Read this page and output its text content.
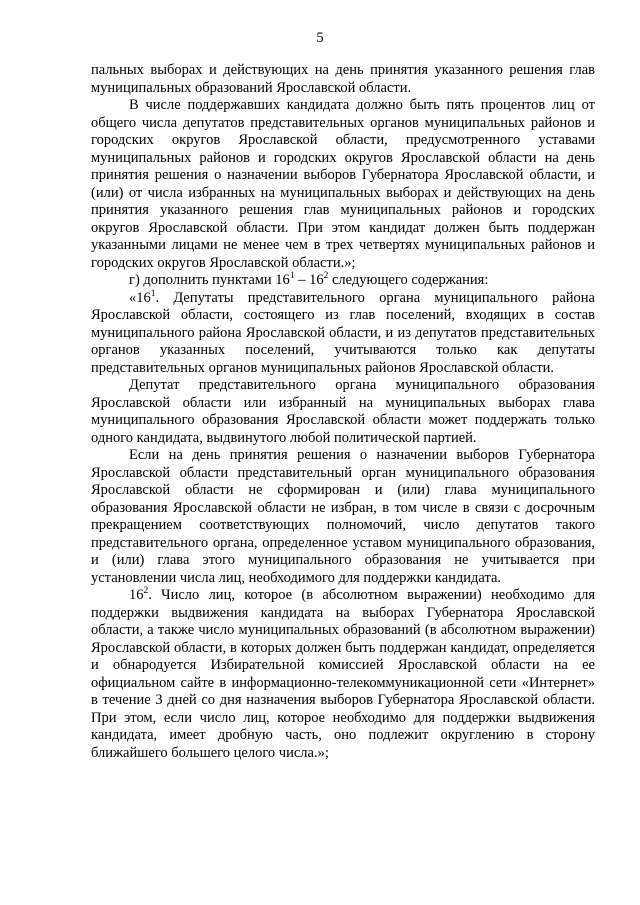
5

пальных выборах и действующих на день принятия указанного решения глав муниципальных образований Ярославской области.

В числе поддержавших кандидата должно быть пять процентов лиц от общего числа депутатов представительных органов муниципальных районов и городских округов Ярославской области, предусмотренного уставами муниципальных районов и городских округов Ярославской области на день принятия решения о назначении выборов Губернатора Ярославской области, и (или) от числа избранных на муниципальных выборах и действующих на день принятия указанного решения глав муниципальных районов и городских округов Ярославской области. При этом кандидат должен быть поддержан указанными лицами не менее чем в трех четвертях муниципальных районов и городских округов Ярославской области.»;

г) дополнить пунктами $16^1 - 16^2$ следующего содержания:

«$16^1$. Депутаты представительного органа муниципального района Ярославской области, состоящего из глав поселений, входящих в состав муниципального района Ярославской области, и из депутатов представительных органов указанных поселений, учитываются только как депутаты представительных органов муниципальных районов Ярославской области.

Депутат представительного органа муниципального образования Ярославской области или избранный на муниципальных выборах глава муниципального образования Ярославской области может поддержать только одного кандидата, выдвинутого любой политической партией.

Если на день принятия решения о назначении выборов Губернатора Ярославской области представительный орган муниципального образования Ярославской области не сформирован и (или) глава муниципального образования Ярославской области не избран, в том числе в связи с досрочным прекращением соответствующих полномочий, число депутатов такого представительного органа, определенное уставом муниципального образования, и (или) глава этого муниципального образования не учитывается при установлении числа лиц, необходимого для поддержки кандидата.

$16^2$. Число лиц, которое (в абсолютном выражении) необходимо для поддержки выдвижения кандидата на выборах Губернатора Ярославской области, а также число муниципальных образований (в абсолютном выражении) Ярославской области, в которых должен быть поддержан кандидат, определяется и обнародуется Избирательной комиссией Ярославской области на ее официальном сайте в информационно-телекоммуникационной сети «Интернет» в течение 3 дней со дня назначения выборов Губернатора Ярославской области. При этом, если число лиц, которое необходимо для поддержки выдвижения кандидата, имеет дробную часть, оно подлежит округлению в сторону ближайшего большего целого числа.»;
